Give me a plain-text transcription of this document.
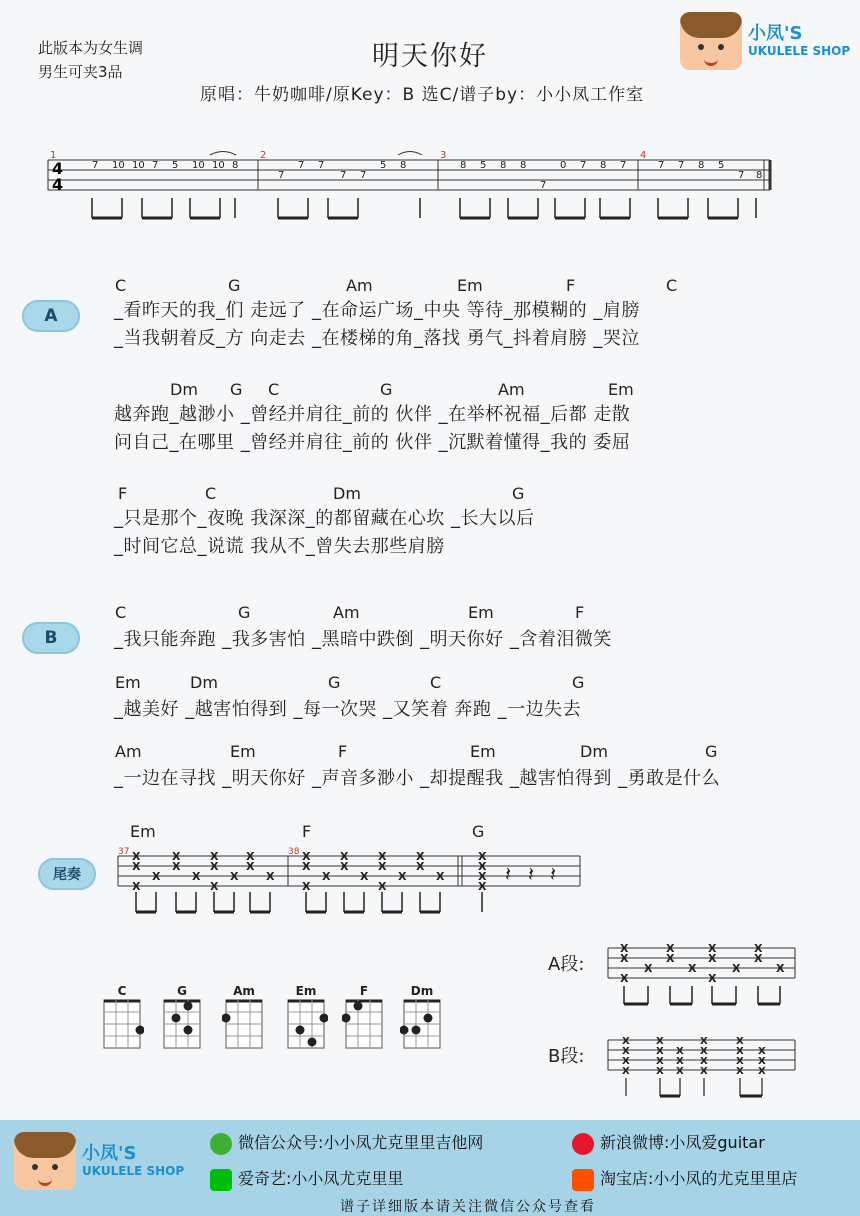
此版本为女生调
男生可夹3品	明天你好
原唱：牛奶咖啡/原Key：B 选C/谱子by：小小凤工作室
小凤'S
UKULELE SHOP
1	2	3	4
4
4
7 10 10 7 5 10 10 8
7
7 7
7 7
5 8	8 5 8 8
7
0 7 8 7	7 7 8 5
7 8
A
B
尾奏
C	G	Am	Em	F	C
_看昨天的我_们 走远了 _在命运广场_中央 等待_那模糊的 _肩膀
_当我朝着反_方 向走去 _在楼梯的角_落找 勇气_抖着肩膀 _哭泣
Dm G C	G	Am	Em
越奔跑_越渺小 _曾经并肩往_前的 伙伴 _在举杯祝福_后都 走散
问自己_在哪里 _曾经并肩往_前的 伙伴 _沉默着懂得_我的 委屈
F	C	Dm	G
_只是那个_夜晚 我深深_的都留藏在心坎 _长大以后
_时间它总_说谎 我从不_曾失去那些肩膀
C	G	Am	Em	F
_我只能奔跑 _我多害怕 _黑暗中跌倒 _明天你好 _含着泪微笑
Em	Dm	G	C	G
_越美好 _越害怕得到 _每一次哭 _又笑着 奔跑 _一边失去
Am	Em	F	Em	Dm	G
_一边在寻找 _明天你好 _声音多渺小 _却提醒我 _越害怕得到 _勇敢是什么
Em	F	G
37	38
X
X
X
X
X
X
X
X
X
X
X
X
X
X
X
X
X
X
X
X
X
X
X
X
X
X
X
X
X
X
X
X
𝄽 𝄽 𝄽
C	G	Am	Em	F	Dm
A段:
B段:
X
X
X
X
X
X
X
X
X
X
X
X
X
X
X
X
X
X
X
X
X
X
X
X
X
X
X
X
X
X
X
X
X
X
X
X
小凤'S
UKULELE SHOP
微信公众号:小小凤尤克里里吉他网	新浪微博:小凤爱guitar
爱奇艺:小小凤尤克里里	淘宝店:小小凤的尤克里里店
谱子详细版本请关注微信公众号查看
